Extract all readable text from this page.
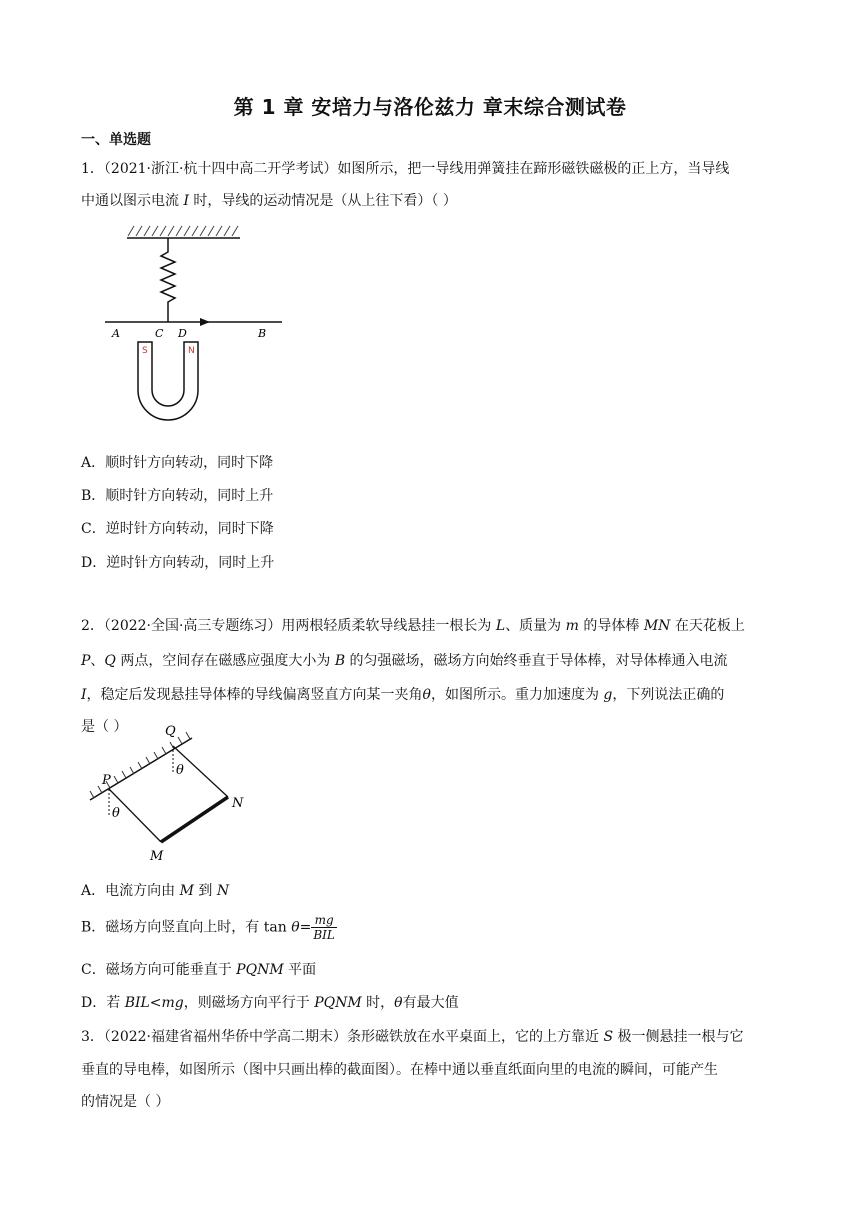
第 1 章 安培力与洛伦兹力 章末综合测试卷
一、单选题
1．（2021·浙江·杭十四中高二开学考试）如图所示，把一导线用弹簧挂在蹄形磁铁磁极的正上方，当导线
中通以图示电流 I 时，导线的运动情况是（从上往下看）（ ）
A	C D	B
S	N
A．顺时针方向转动，同时下降
B．顺时针方向转动，同时上升
C．逆时针方向转动，同时下降
D．逆时针方向转动，同时上升
2．（2022·全国·高三专题练习）用两根轻质柔软导线悬挂一根长为 L、质量为 m 的导体棒 MN 在天花板上
P、Q 两点，空间存在磁感应强度大小为 B 的匀强磁场，磁场方向始终垂直于导体棒，对导体棒通入电流
I，稳定后发现悬挂导体棒的导线偏离竖直方向某一夹角θ，如图所示。重力加速度为 g，下列说法正确的
是（ ）
P
Q
N
M
θ
θ
A．电流方向由 M 到 N
B．磁场方向竖直向上时，有 $\tan \theta= \frac{mg}{\text{BIL}}$
C．磁场方向可能垂直于 PQNM 平面
D．若 BIL<mg，则磁场方向平行于 PQNM 时，θ有最大值
3．（2022·福建省福州华侨中学高二期末）条形磁铁放在水平桌面上，它的上方靠近 S 极一侧悬挂一根与它
垂直的导电棒，如图所示（图中只画出棒的截面图）。在棒中通以垂直纸面向里的电流的瞬间，可能产生
的情况是（ ）
